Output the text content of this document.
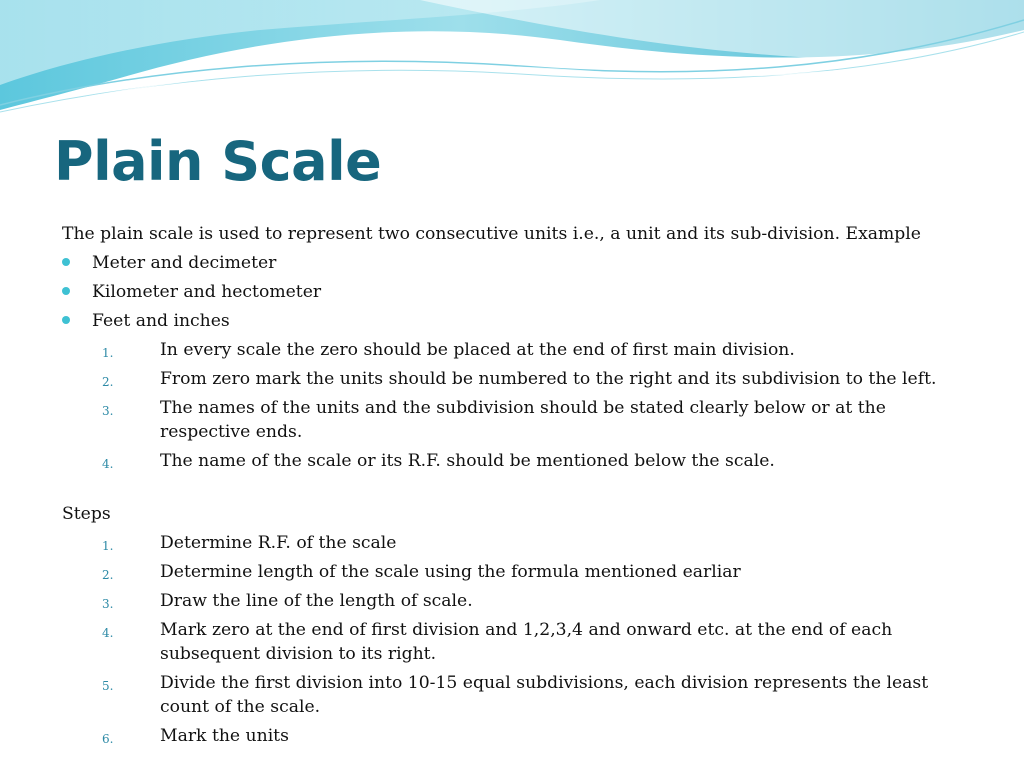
Plain Scale

The plain scale is used to represent two consecutive units i.e., a unit and its sub-division. Example

Meter and decimeter
Kilometer and hectometer
Feet and inches
1.	In every scale the zero should be placed at the end of first main division.
2.	From zero mark the units should be numbered to the right and its subdivision to the left.
3.	The names of the units and the subdivision should be stated clearly below or at the respective ends.
4.	The name of the scale or its R.F. should be mentioned below the scale.

Steps

1.	Determine R.F. of the scale
2.	Determine length of the scale using the formula mentioned earliar
3.	Draw the line of the length of scale.
4.	Mark zero at the end of first division and 1,2,3,4 and onward etc. at the end of each subsequent division to its right.
5.	Divide the first division into 10-15 equal subdivisions, each division represents the least count of the scale.
6.	Mark the units
